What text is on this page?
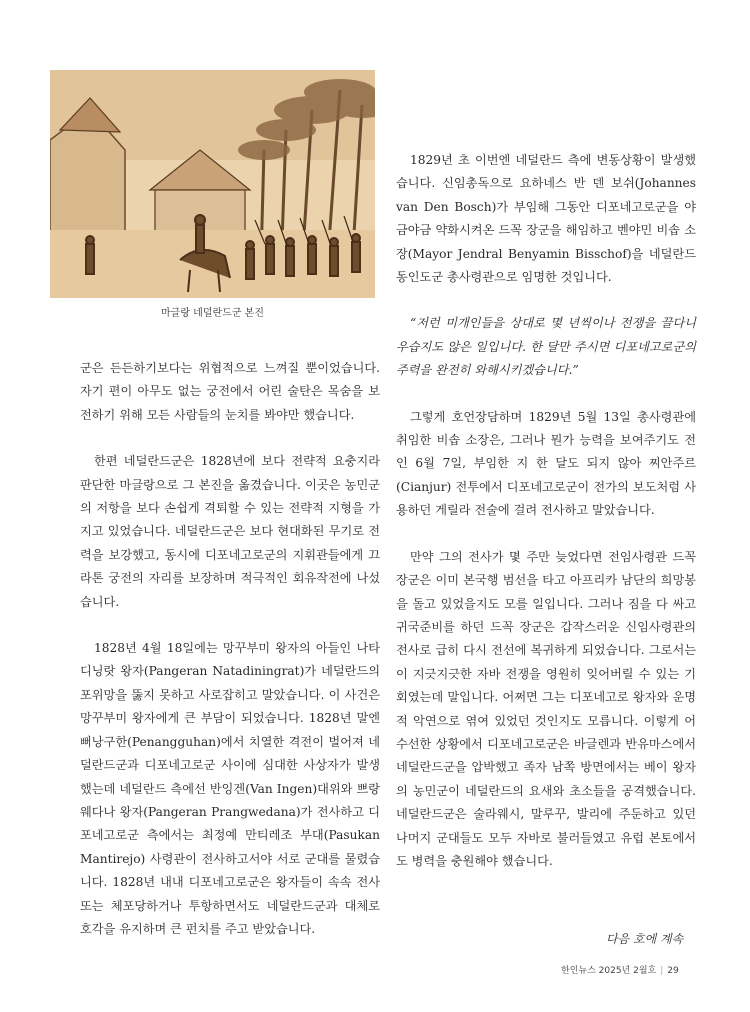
마글랑 네덜란드군 본진

군은 든든하기보다는 위협적으로 느껴질 뿐이었습니다. 자기 편이 아무도 없는 궁전에서 어린 술탄은 목숨을 보전하기 위해 모든 사람들의 눈치를 봐야만 했습니다.

한편 네덜란드군은 1828년에 보다 전략적 요충지라 판단한 마글랑으로 그 본진을 옮겼습니다. 이곳은 농민군의 저항을 보다 손쉽게 격퇴할 수 있는 전략적 지형을 가지고 있었습니다. 네덜란드군은 보다 현대화된 무기로 전력을 보강했고, 동시에 디포네고로군의 지휘관들에게 끄라톤 궁전의 자리를 보장하며 적극적인 회유작전에 나섰습니다.

1828년 4월 18일에는 망꾸부미 왕자의 아들인 나타디닝랏 왕자(Pangeran Natadiningrat)가 네덜란드의 포위망을 뚫지 못하고 사로잡히고 말았습니다. 이 사건은 망꾸부미 왕자에게 큰 부담이 되었습니다. 1828년 말엔 뻐낭구한(Penangguhan)에서 치열한 격전이 벌어져 네덜란드군과 디포네고로군 사이에 심대한 사상자가 발생했는데 네덜란드 측에선 반잉겐(Van Ingen)대위와 쁘랑웨다나 왕자(Pangeran Prangwedana)가 전사하고 디포네고로군 측에서는 최정예 만티레조 부대(Pasukan Mantirejo) 사령관이 전사하고서야 서로 군대를 물렸습니다. 1828년 내내 디포네고로군은 왕자들이 속속 전사 또는 체포당하거나 투항하면서도 네덜란드군과 대체로 호각을 유지하며 큰 펀치를 주고 받았습니다.

1829년 초 이번엔 네덜란드 측에 변동상황이 발생했습니다. 신임총독으로 요하네스 반 덴 보쉬(Johannes van Den Bosch)가 부임해 그동안 디포네고로군을 야금야금 약화시켜온 드꼭 장군을 해임하고 벤야민 비솝 소장(Mayor Jendral Benyamin Bisschof)을 네덜란드 동인도군 총사령관으로 임명한 것입니다.

“저런 미개인들을 상대로 몇 년씩이나 전쟁을 끌다니 우습지도 않은 일입니다. 한 달만 주시면 디포네고로군의 주력을 완전히 와해시키겠습니다.”

그렇게 호언장담하며 1829년 5월 13일 총사령관에 취임한 비솝 소장은, 그러나 뭔가 능력을 보여주기도 전인 6월 7일, 부임한 지 한 달도 되지 않아 찌안주르(Cianjur) 전투에서 디포네고로군이 전가의 보도처럼 사용하던 게릴라 전술에 걸려 전사하고 말았습니다.

만약 그의 전사가 몇 주만 늦었다면 전임사령관 드꼭 장군은 이미 본국행 범선을 타고 아프리카 남단의 희망봉을 돌고 있었을지도 모를 일입니다. 그러나 짐을 다 싸고 귀국준비를 하던 드꼭 장군은 갑작스러운 신임사령관의 전사로 급히 다시 전선에 복귀하게 되었습니다. 그로서는 이 지긋지긋한 자바 전쟁을 영원히 잊어버릴 수 있는 기회였는데 말입니다. 어쩌면 그는 디포네고로 왕자와 운명적 악연으로 엮여 있었던 것인지도 모릅니다. 이렇게 어수선한 상황에서 디포네고로군은 바글렌과 반유마스에서 네덜란드군을 압박했고 족자 남쪽 방면에서는 베이 왕자의 농민군이 네덜란드의 요새와 초소들을 공격했습니다. 네덜란드군은 술라웨시, 말루꾸, 발리에 주둔하고 있던 나머지 군대들도 모두 자바로 불러들였고 유럽 본토에서도 병력을 충원해야 했습니다.

다음 호에 계속
한인뉴스 2025년 2월호 | 29
